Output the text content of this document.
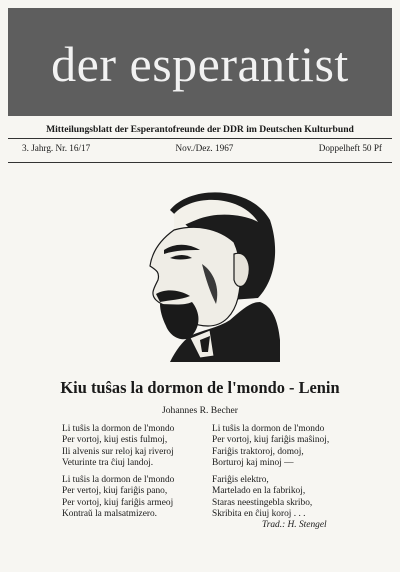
der esperantist
Mitteilungsblatt der Esperantofreunde der DDR im Deutschen Kulturbund
3. Jahrg. Nr. 16/17	Nov./Dez. 1967	Doppelheft 50 Pf
Kiu tuŝas la dormon de l'mondo - Lenin
Johannes R. Becher
Li tuŝis la dormon de l'mondo
Per vortoj, kiuj estis fulmoj,
Ili alvenis sur reloj kaj riveroj
Veturinte tra ĉiuj landoj.
Li tuŝis la dormon de l'mondo
Per vertoj, kiuj fariĝis pano,
Per vortoj, kiuj fariĝis armeoj
Kontraŭ la malsatmizero.
Li tuŝis la dormon de l'mondo
Per vortoj, kiuj fariĝis maŝinoj,
Fariĝis traktoroj, domoj,
Borturoj kaj minoj —
Fariĝis elektro,
Martelado en la fabrikoj,
Staras neestingebla skribo,
Skribita en ĉiuj koroj . . .
Trad.: H. Stengel
